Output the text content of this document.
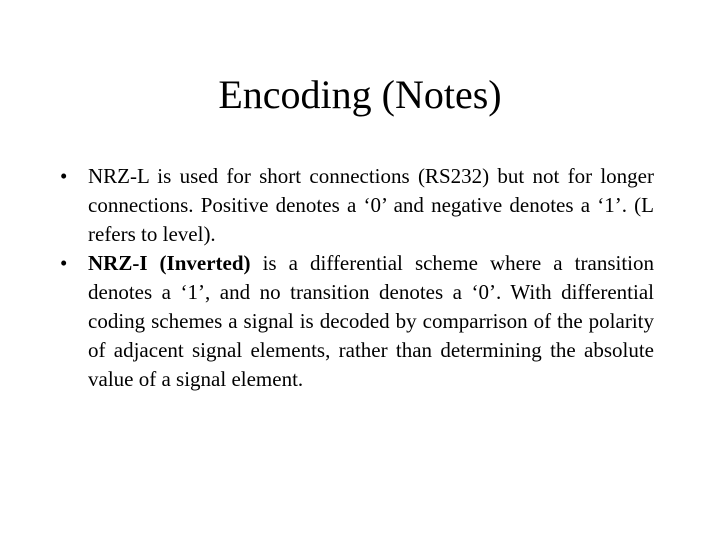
Encoding (Notes)
• NRZ-L is used for short connections (RS232) but not for longer connections. Positive denotes a ‘0’ and negative denotes a ‘1’. (L refers to level).
• NRZ-I (Inverted) is a differential scheme where a transition denotes a ‘1’, and no transition denotes a ‘0’. With differential coding schemes a signal is decoded by comparrison of the polarity of adjacent signal elements, rather than determining the absolute value of a signal element.
